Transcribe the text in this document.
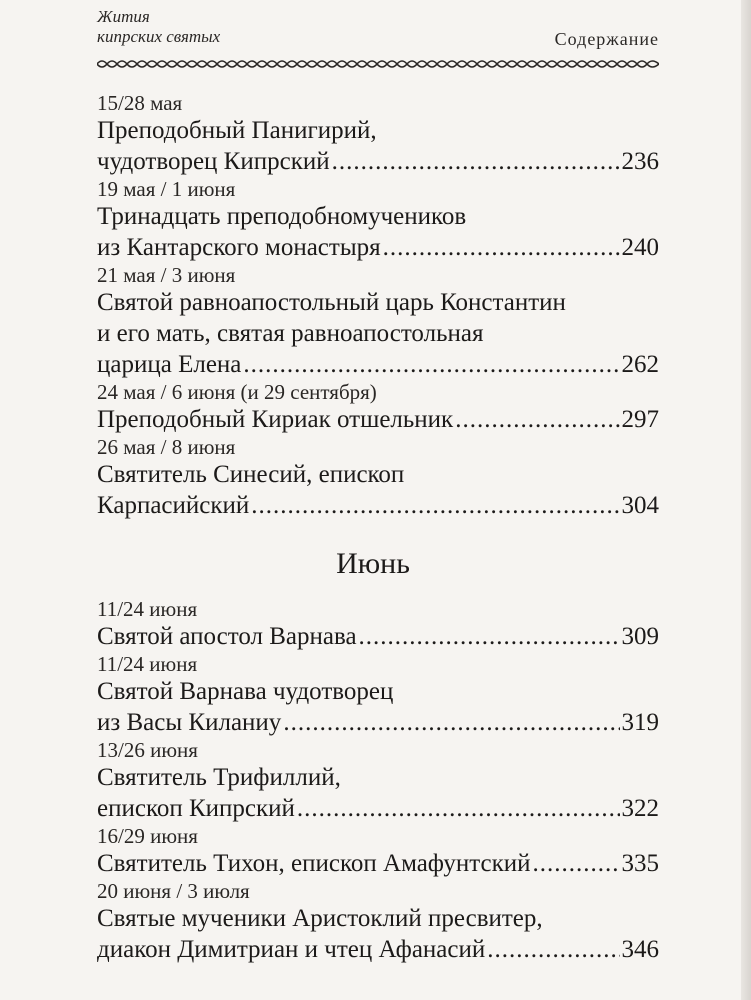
Жития
кипрских святых	Содержание
15/28 мая
Преподобный Панигирий,
чудотворец Кипрский .....	236
19 мая / 1 июня
Тринадцать преподобномучеников
из Кантарского монастыря .....	240
21 мая / 3 июня
Святой равноапостольный царь Константин
и его мать, святая равноапостольная
царица Елена .....	262
24 мая / 6 июня (и 29 сентября)
Преподобный Кириак отшельник .....	297
26 мая / 8 июня
Святитель Синесий, епископ
Карпасийский .....	304
Июнь
11/24 июня
Святой апостол Варнава .....	309
11/24 июня
Святой Варнава чудотворец
из Васы Киланиу .....	319
13/26 июня
Святитель Трифиллий,
епископ Кипрский .....	322
16/29 июня
Святитель Тихон, епископ Амафунтский .....	335
20 июня / 3 июля
Святые мученики Аристоклий пресвитер,
диакон Димитриан и чтец Афанасий .....	346
